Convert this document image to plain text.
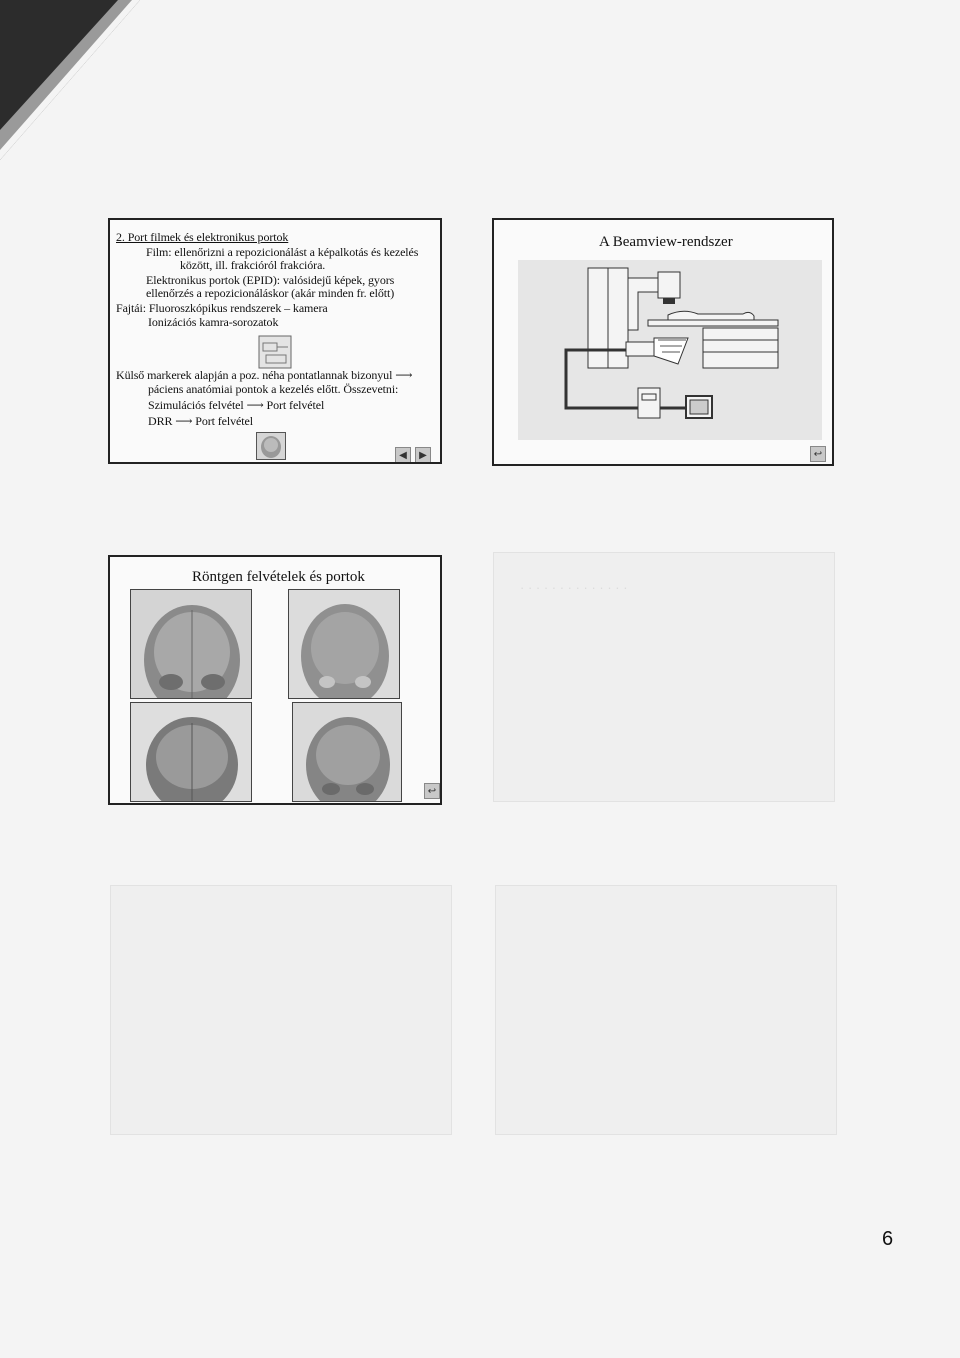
· · · · · · · · · · · · · ·
2. Port filmek és elektronikus portok
Film: ellenőrizni a repozicionálást a képalkotás és kezelés
között, ill. frakcióról frakcióra.
Elektronikus portok (EPID): valósidejű képek, gyors
ellenőrzés a repozicionáláskor (akár minden fr. előtt)
Fajtái: Fluoroszkópikus rendszerek – kamera
Ionizációs kamra-sorozatok
Külső markerek alapján a poz. néha pontatlannak bizonyul ⟶
páciens anatómiai pontok a kezelés előtt. Összevetni:
Szimulációs felvétel ⟶ Port felvétel
DRR ⟶ Port felvétel
◀	▶
A Beamview-rendszer
↩
Röntgen felvételek és portok
↩
6
